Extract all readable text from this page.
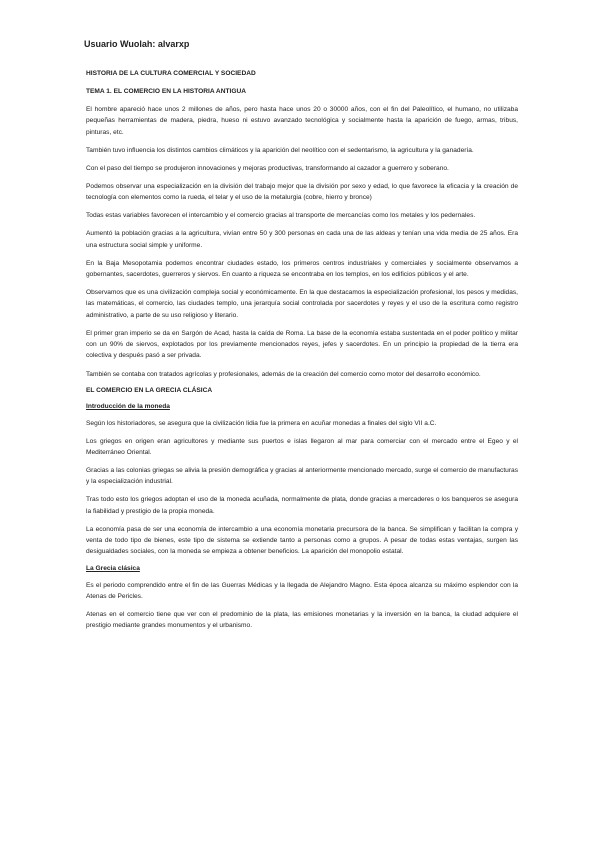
Usuario Wuolah: alvarxp
HISTORIA DE LA CULTURA COMERCIAL Y SOCIEDAD
TEMA 1. EL COMERCIO EN LA HISTORIA ANTIGUA
El hombre apareció hace unos 2 millones de años, pero hasta hace unos 20 o 30000 años, con el fin del Paleolítico, el humano, no utilizaba pequeñas herramientas de madera, piedra, hueso ni estuvo avanzado tecnológica y socialmente hasta la aparición de fuego, armas, tribus, pinturas, etc.
También tuvo influencia los distintos cambios climáticos y la aparición del neolítico con el sedentarismo, la agricultura y la ganadería.
Con el paso del tiempo se produjeron innovaciones y mejoras productivas, transformando al cazador a guerrero y soberano.
Podemos observar una especialización en la división del trabajo mejor que la división por sexo y edad, lo que favorece la eficacia y la creación de tecnología con elementos como la rueda, el telar y el uso de la metalurgia (cobre, hierro y bronce)
Todas estas variables favorecen el intercambio y el comercio gracias al transporte de mercancías como los metales y los pedernales.
Aumentó la población gracias a la agricultura, vivían entre 50 y 300 personas en cada una de las aldeas y tenían una vida media de 25 años. Era una estructura social simple y uniforme.
En la Baja Mesopotamia podemos encontrar ciudades estado, los primeros centros industriales y comerciales y socialmente observamos a gobernantes, sacerdotes, guerreros y siervos. En cuanto a riqueza se encontraba en los templos, en los edificios públicos y el arte.
Observamos que es una civilización compleja social y económicamente. En la que destacamos la especialización profesional, los pesos y medidas, las matemáticas, el comercio, las ciudades templo, una jerarquía social controlada por sacerdotes y reyes y el uso de la escritura como registro administrativo, a parte de su uso religioso y literario.
El primer gran imperio se da en Sargón de Acad, hasta la caída de Roma. La base de la economía estaba sustentada en el poder político y militar con un 90% de siervos, explotados por los previamente mencionados reyes, jefes y sacerdotes. En un principio la propiedad de la tierra era colectiva y después pasó a ser privada.
También se contaba con tratados agrícolas y profesionales, además de la creación del comercio como motor del desarrollo económico.
EL COMERCIO EN LA GRECIA CLÁSICA
Introducción de la moneda
Según los historiadores, se asegura que la civilización lidia fue la primera en acuñar monedas a finales del siglo VII a.C.
Los griegos en origen eran agricultores y mediante sus puertos e islas llegaron al mar para comerciar con el mercado entre el Egeo y el Mediterráneo Oriental.
Gracias a las colonias griegas se alivia la presión demográfica y gracias al anteriormente mencionado mercado, surge el comercio de manufacturas y la especialización industrial.
Tras todo esto los griegos adoptan el uso de la moneda acuñada, normalmente de plata, donde gracias a mercaderes o los banqueros se asegura la fiabilidad y prestigio de la propia moneda.
La economía pasa de ser una economía de intercambio a una economía monetaria precursora de la banca. Se simplifican y facilitan la compra y venta de todo tipo de bienes, este tipo de sistema se extiende tanto a personas como a grupos. A pesar de todas estas ventajas, surgen las desigualdades sociales, con la moneda se empieza a obtener beneficios. La aparición del monopolio estatal.
La Grecia clásica
Es el periodo comprendido entre el fin de las Guerras Médicas y la llegada de Alejandro Magno. Esta época alcanza su máximo esplendor con la Atenas de Pericles.
Atenas en el comercio tiene que ver con el predominio de la plata, las emisiones monetarias y la inversión en la banca, la ciudad adquiere el prestigio mediante grandes monumentos y el urbanismo.
